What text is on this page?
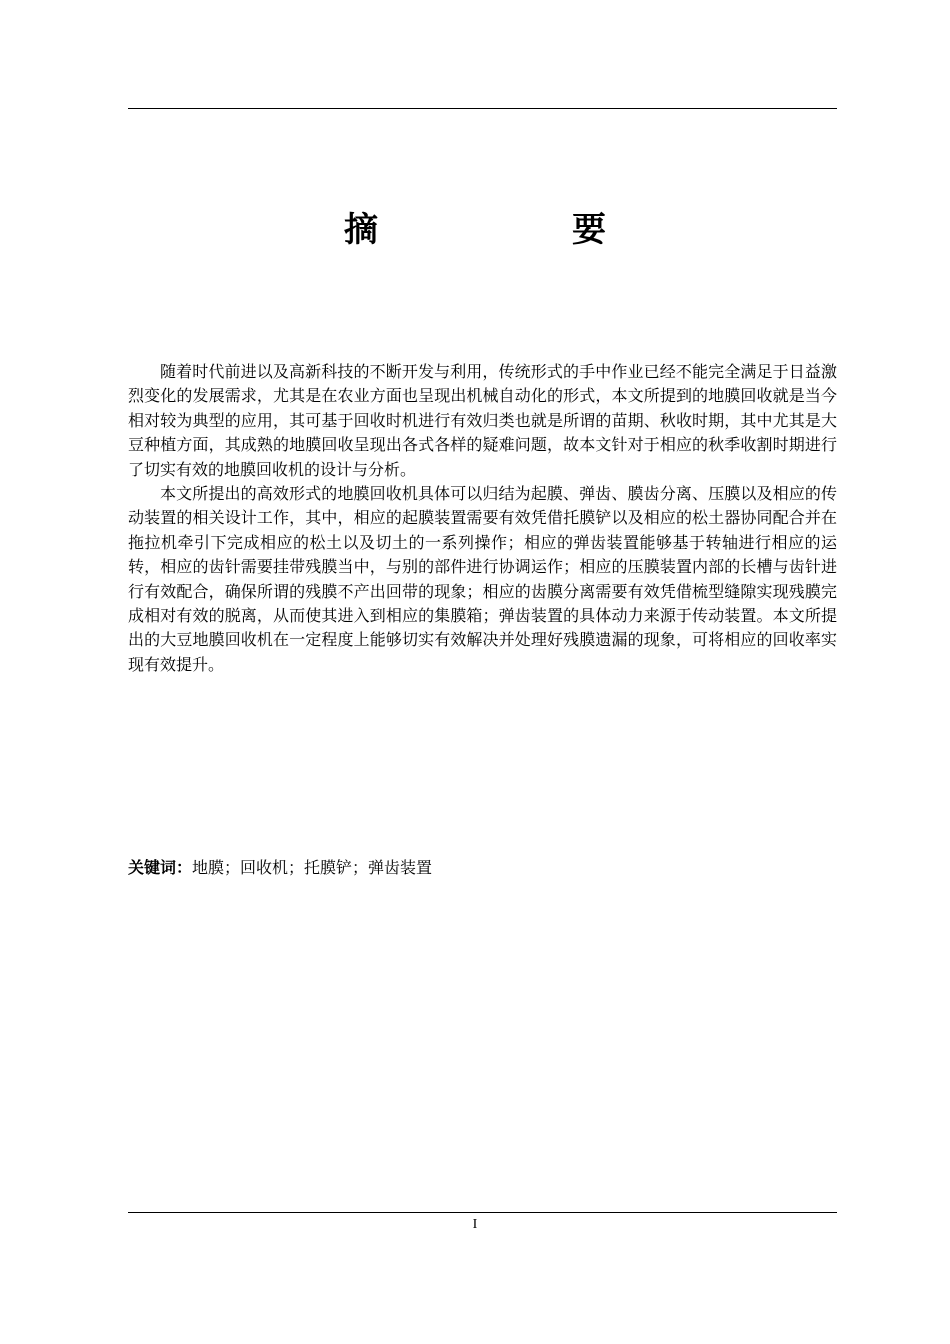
摘　要

随着时代前进以及高新科技的不断开发与利用，传统形式的手中作业已经不能完全满足于日益激烈变化的发展需求，尤其是在农业方面也呈现出机械自动化的形式，本文所提到的地膜回收就是当今相对较为典型的应用，其可基于回收时机进行有效归类也就是所谓的苗期、秋收时期，其中尤其是大豆种植方面，其成熟的地膜回收呈现出各式各样的疑难问题，故本文针对于相应的秋季收割时期进行了切实有效的地膜回收机的设计与分析。

本文所提出的高效形式的地膜回收机具体可以归结为起膜、弹齿、膜齿分离、压膜以及相应的传动装置的相关设计工作，其中，相应的起膜装置需要有效凭借托膜铲以及相应的松土器协同配合并在拖拉机牵引下完成相应的松土以及切土的一系列操作；相应的弹齿装置能够基于转轴进行相应的运转，相应的齿针需要挂带残膜当中，与别的部件进行协调运作；相应的压膜装置内部的长槽与齿针进行有效配合，确保所谓的残膜不产出回带的现象；相应的齿膜分离需要有效凭借梳型缝隙实现残膜完成相对有效的脱离，从而使其进入到相应的集膜箱；弹齿装置的具体动力来源于传动装置。本文所提出的大豆地膜回收机在一定程度上能够切实有效解决并处理好残膜遗漏的现象，可将相应的回收率实现有效提升。

关键词：地膜；回收机；托膜铲；弹齿装置
I
